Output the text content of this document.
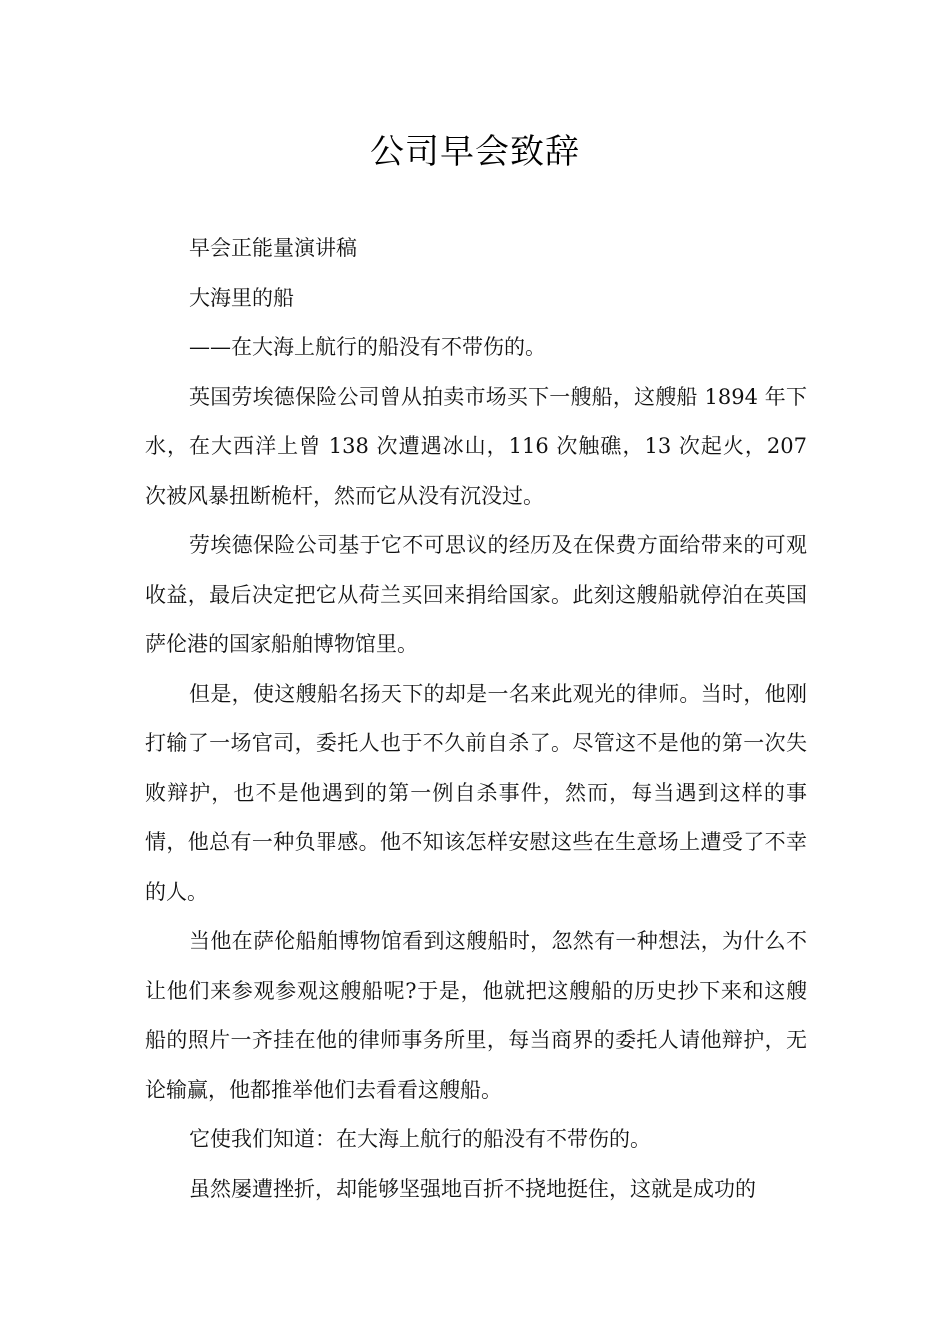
公司早会致辞

早会正能量演讲稿

大海里的船

——在大海上航行的船没有不带伤的。

英国劳埃德保险公司曾从拍卖市场买下一艘船，这艘船 1894 年下水，在大西洋上曾 138 次遭遇冰山，116 次触礁，13 次起火，207 次被风暴扭断桅杆，然而它从没有沉没过。

劳埃德保险公司基于它不可思议的经历及在保费方面给带来的可观收益，最后决定把它从荷兰买回来捐给国家。此刻这艘船就停泊在英国萨伦港的国家船舶博物馆里。

但是，使这艘船名扬天下的却是一名来此观光的律师。当时，他刚打输了一场官司，委托人也于不久前自杀了。尽管这不是他的第一次失败辩护，也不是他遇到的第一例自杀事件，然而，每当遇到这样的事情，他总有一种负罪感。他不知该怎样安慰这些在生意场上遭受了不幸的人。

当他在萨伦船舶博物馆看到这艘船时，忽然有一种想法，为什么不让他们来参观参观这艘船呢?于是，他就把这艘船的历史抄下来和这艘船的照片一齐挂在他的律师事务所里，每当商界的委托人请他辩护，无论输赢，他都推举他们去看看这艘船。

它使我们知道：在大海上航行的船没有不带伤的。

虽然屡遭挫折，却能够坚强地百折不挠地挺住，这就是成功的
